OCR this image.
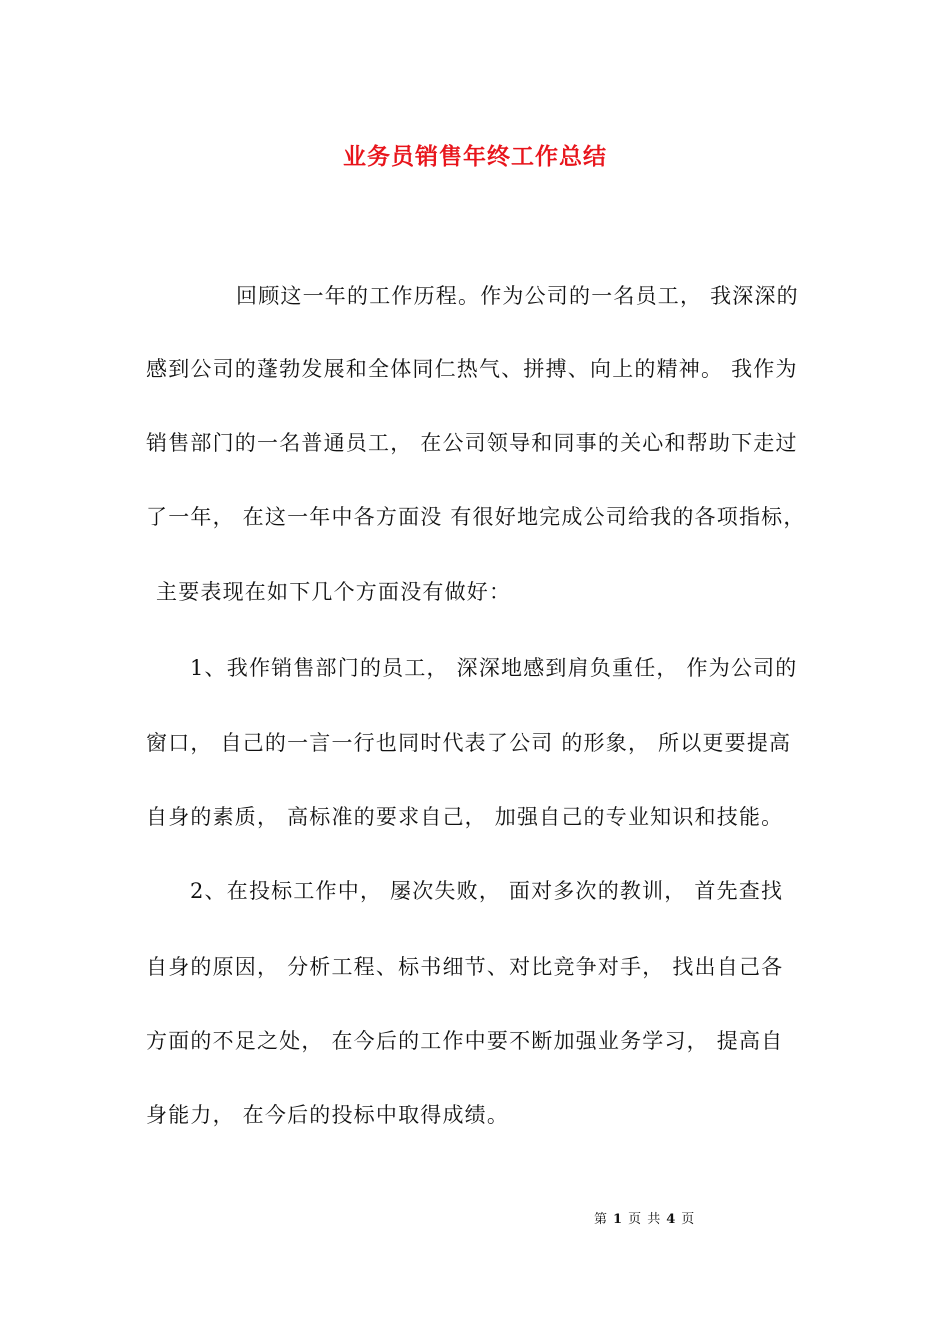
业务员销售年终工作总结
回顾这一年的工作历程。作为公司的一名员工， 我深深的
感到公司的蓬勃发展和全体同仁热气、拼搏、向上的精神。 我作为
销售部门的一名普通员工， 在公司领导和同事的关心和帮助下走过
了一年， 在这一年中各方面没 有很好地完成公司给我的各项指标，
主要表现在如下几个方面没有做好：
1、我作销售部门的员工， 深深地感到肩负重任， 作为公司的
窗口， 自己的一言一行也同时代表了公司 的形象， 所以更要提高
自身的素质， 高标准的要求自己， 加强自己的专业知识和技能。
2、在投标工作中， 屡次失败， 面对多次的教训， 首先查找
自身的原因， 分析工程、标书细节、对比竞争对手， 找出自己各
方面的不足之处， 在今后的工作中要不断加强业务学习， 提高自
身能力， 在今后的投标中取得成绩。
第 1 页 共 4 页
